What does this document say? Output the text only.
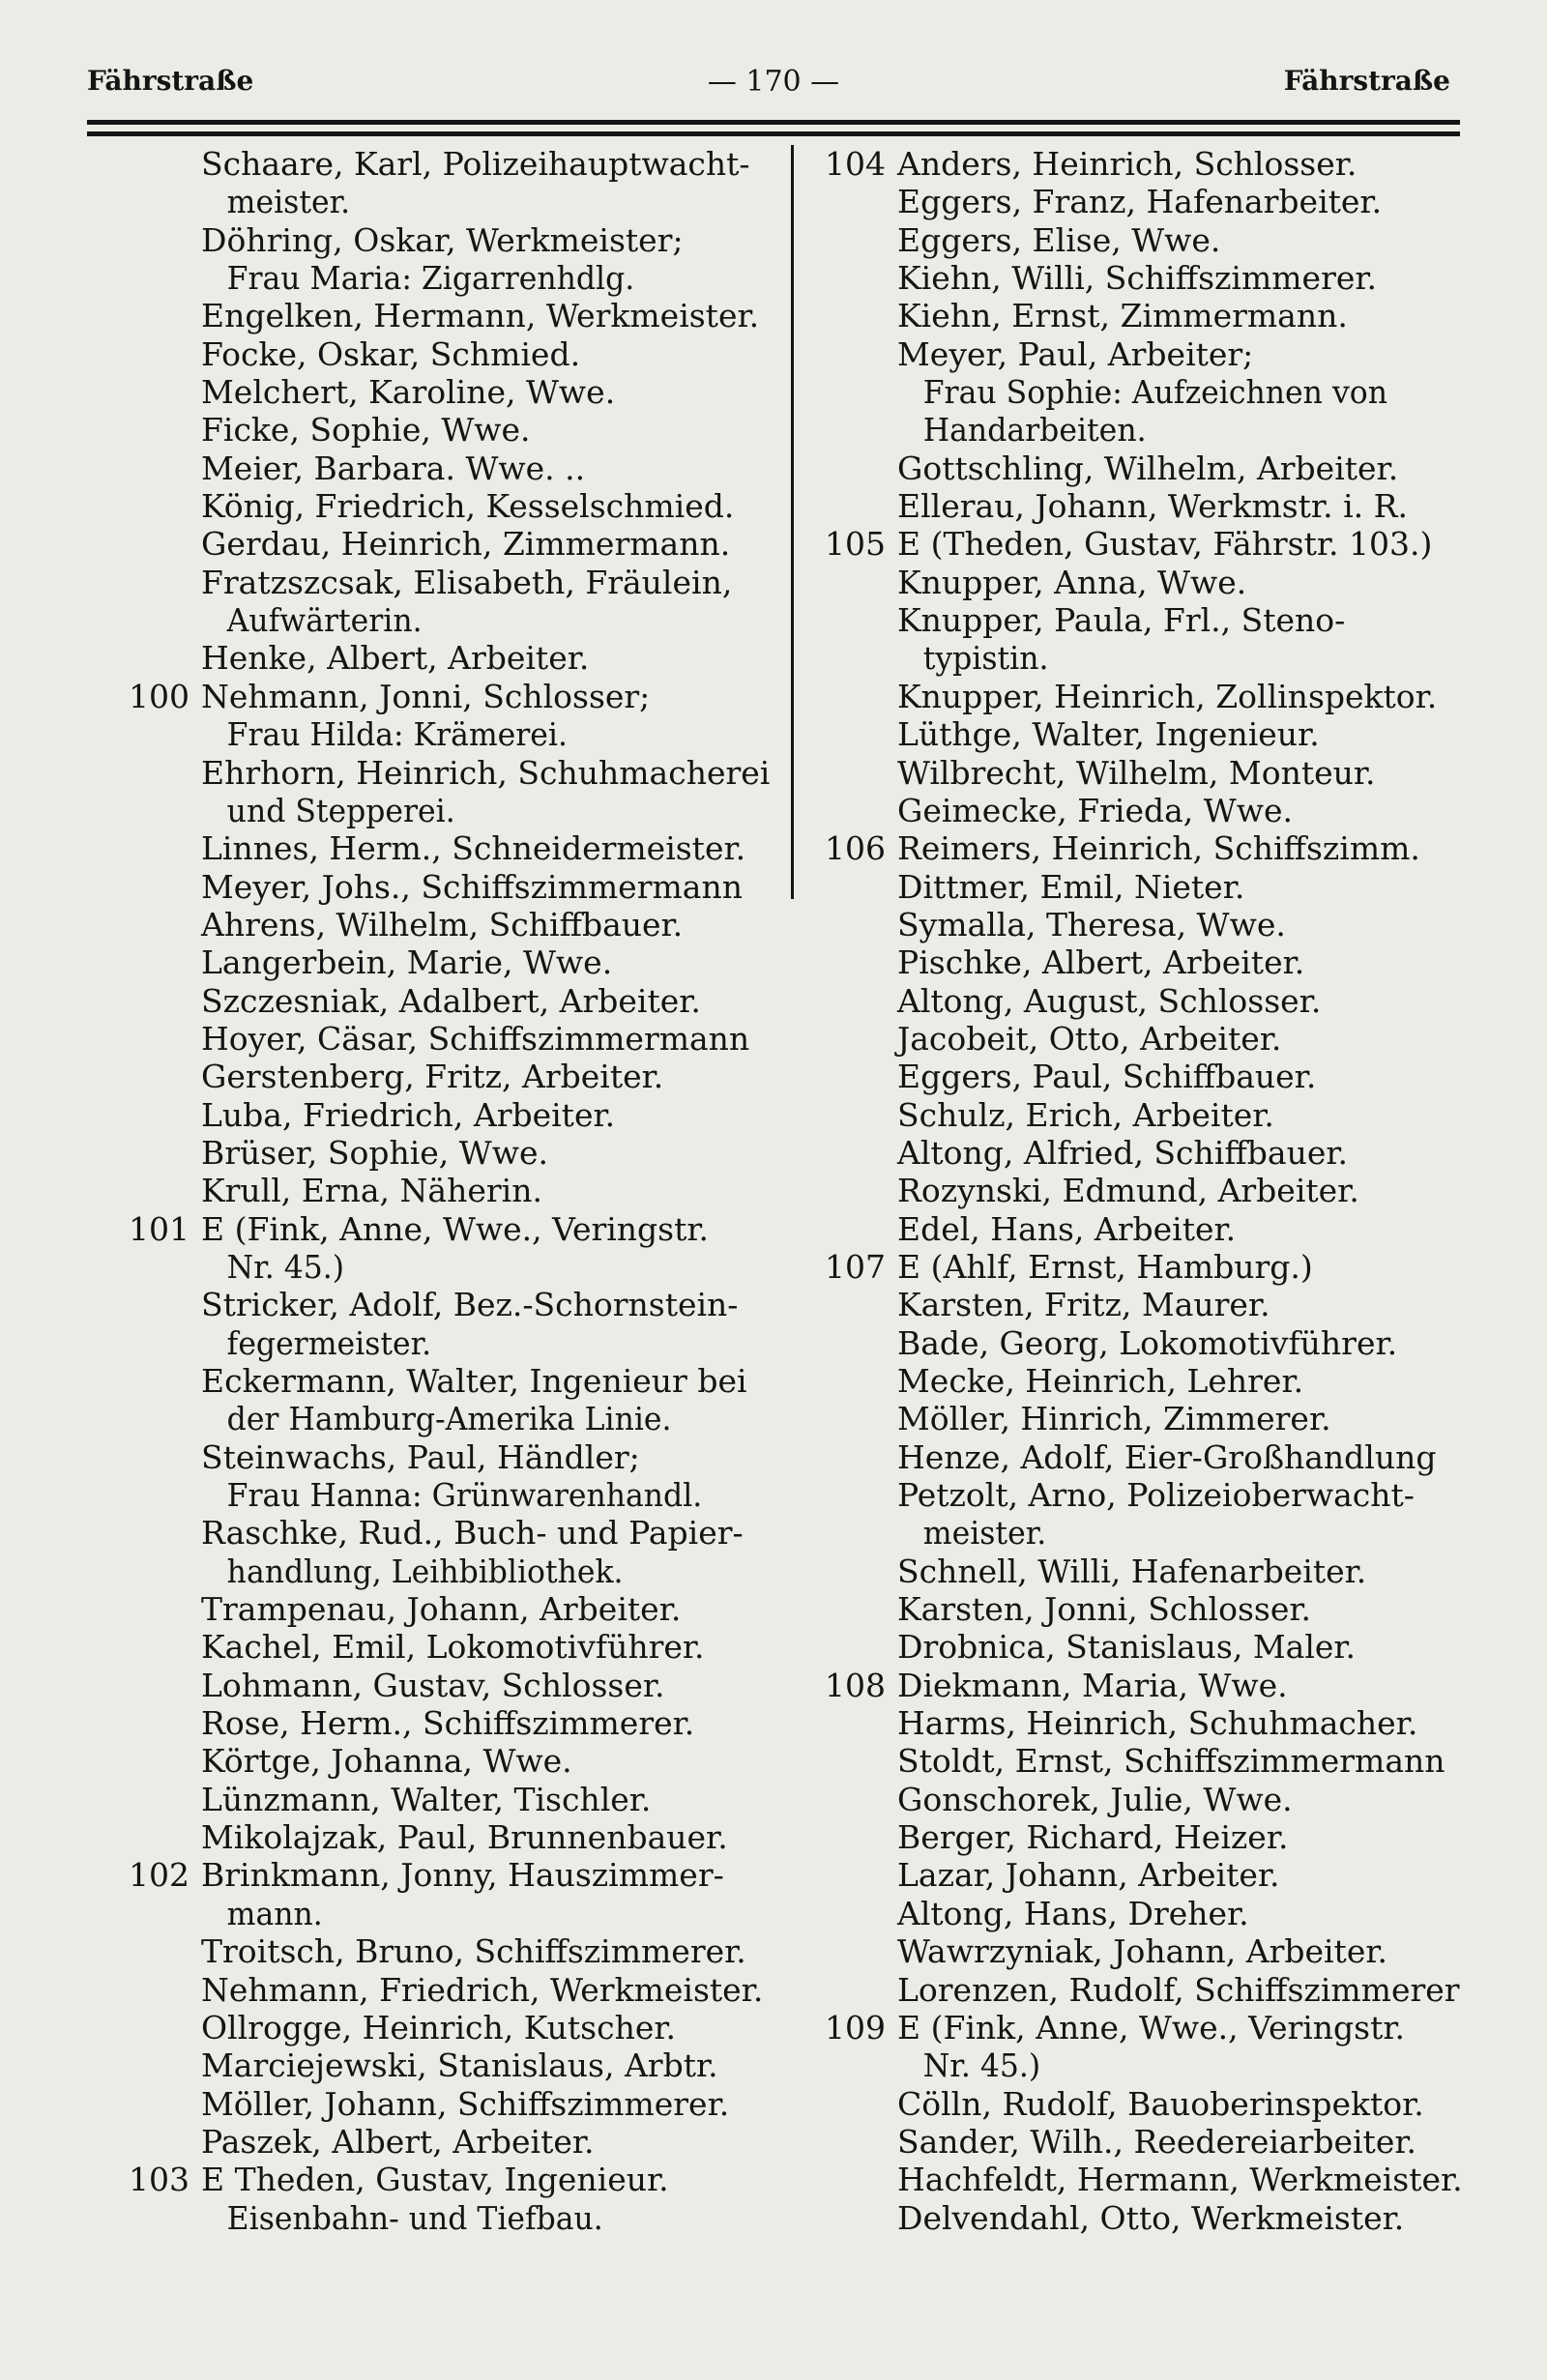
Fährstraße	— 170 —	Fährstraße
Schaare, Karl, Polizeihauptwacht-
meister.
Döhring, Oskar, Werkmeister;
Frau Maria: Zigarrenhdlg.
Engelken, Hermann, Werkmeister.
Focke, Oskar, Schmied.
Melchert, Karoline, Wwe.
Ficke, Sophie, Wwe.
Meier, Barbara. Wwe. ..
König, Friedrich, Kesselschmied.
Gerdau, Heinrich, Zimmermann.
Fratzszcsak, Elisabeth, Fräulein,
Aufwärterin.
Henke, Albert, Arbeiter.
100 Nehmann, Jonni, Schlosser;
Frau Hilda: Krämerei.
Ehrhorn, Heinrich, Schuhmacherei
und Stepperei.
Linnes, Herm., Schneidermeister.
Meyer, Johs., Schiffszimmermann
Ahrens, Wilhelm, Schiffbauer.
Langerbein, Marie, Wwe.
Szczesniak, Adalbert, Arbeiter.
Hoyer, Cäsar, Schiffszimmermann
Gerstenberg, Fritz, Arbeiter.
Luba, Friedrich, Arbeiter.
Brüser, Sophie, Wwe.
Krull, Erna, Näherin.
101 E (Fink, Anne, Wwe., Veringstr.
Nr. 45.)
Stricker, Adolf, Bez.-Schornstein-
fegermeister.
Eckermann, Walter, Ingenieur bei
der Hamburg-Amerika Linie.
Steinwachs, Paul, Händler;
Frau Hanna: Grünwarenhandl.
Raschke, Rud., Buch- und Papier-
handlung, Leihbibliothek.
Trampenau, Johann, Arbeiter.
Kachel, Emil, Lokomotivführer.
Lohmann, Gustav, Schlosser.
Rose, Herm., Schiffszimmerer.
Körtge, Johanna, Wwe.
Lünzmann, Walter, Tischler.
Mikolajzak, Paul, Brunnenbauer.
102 Brinkmann, Jonny, Hauszimmer-
mann.
Troitsch, Bruno, Schiffszimmerer.
Nehmann, Friedrich, Werkmeister.
Ollrogge, Heinrich, Kutscher.
Marciejewski, Stanislaus, Arbtr.
Möller, Johann, Schiffszimmerer.
Paszek, Albert, Arbeiter.
103 E Theden, Gustav, Ingenieur.
Eisenbahn- und Tiefbau.
104 Anders, Heinrich, Schlosser.
Eggers, Franz, Hafenarbeiter.
Eggers, Elise, Wwe.
Kiehn, Willi, Schiffszimmerer.
Kiehn, Ernst, Zimmermann.
Meyer, Paul, Arbeiter;
Frau Sophie: Aufzeichnen von
Handarbeiten.
Gottschling, Wilhelm, Arbeiter.
Ellerau, Johann, Werkmstr. i. R.
105 E (Theden, Gustav, Fährstr. 103.)
Knupper, Anna, Wwe.
Knupper, Paula, Frl., Steno-
typistin.
Knupper, Heinrich, Zollinspektor.
Lüthge, Walter, Ingenieur.
Wilbrecht, Wilhelm, Monteur.
Geimecke, Frieda, Wwe.
106 Reimers, Heinrich, Schiffszimm.
Dittmer, Emil, Nieter.
Symalla, Theresa, Wwe.
Pischke, Albert, Arbeiter.
Altong, August, Schlosser.
Jacobeit, Otto, Arbeiter.
Eggers, Paul, Schiffbauer.
Schulz, Erich, Arbeiter.
Altong, Alfried, Schiffbauer.
Rozynski, Edmund, Arbeiter.
Edel, Hans, Arbeiter.
107 E (Ahlf, Ernst, Hamburg.)
Karsten, Fritz, Maurer.
Bade, Georg, Lokomotivführer.
Mecke, Heinrich, Lehrer.
Möller, Hinrich, Zimmerer.
Henze, Adolf, Eier-Großhandlung
Petzolt, Arno, Polizeioberwacht-
meister.
Schnell, Willi, Hafenarbeiter.
Karsten, Jonni, Schlosser.
Drobnica, Stanislaus, Maler.
108 Diekmann, Maria, Wwe.
Harms, Heinrich, Schuhmacher.
Stoldt, Ernst, Schiffszimmermann
Gonschorek, Julie, Wwe.
Berger, Richard, Heizer.
Lazar, Johann, Arbeiter.
Altong, Hans, Dreher.
Wawrzyniak, Johann, Arbeiter.
Lorenzen, Rudolf, Schiffszimmerer
109 E (Fink, Anne, Wwe., Veringstr.
Nr. 45.)
Cölln, Rudolf, Bauoberinspektor.
Sander, Wilh., Reedereiarbeiter.
Hachfeldt, Hermann, Werkmeister.
Delvendahl, Otto, Werkmeister.
